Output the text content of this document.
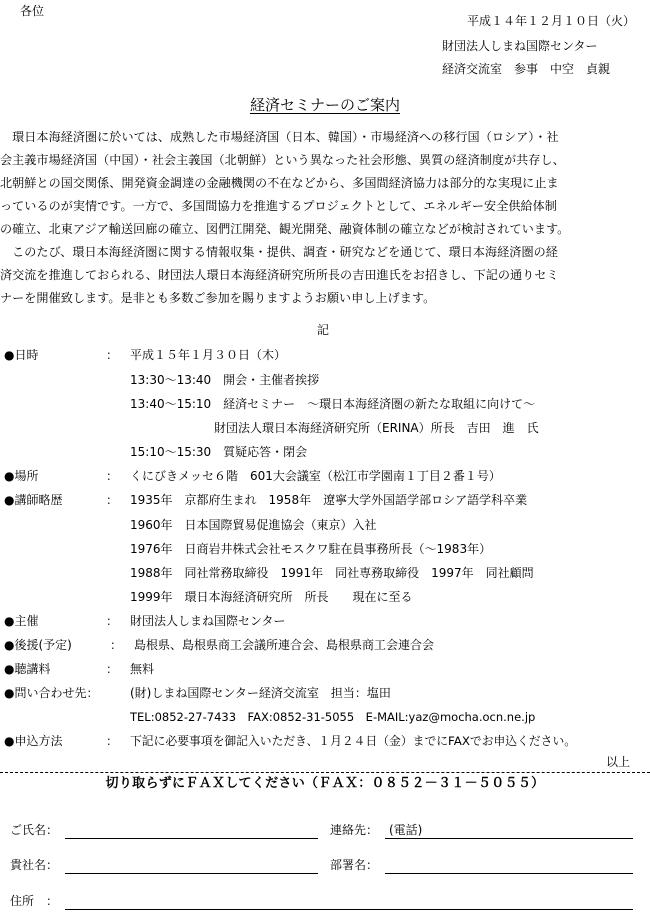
各位
平成１４年１２月１０日（火）
財団法人しまね国際センター
経済交流室　参事　中空　貞親
経済セミナーのご案内
　環日本海経済圏に於いては、成熟した市場経済国（日本、韓国）・市場経済への移行国（ロシア）・社
会主義市場経済国（中国）・社会主義国（北朝鮮）という異なった社会形態、異質の経済制度が共存し、
北朝鮮との国交関係、開発資金調達の金融機関の不在などから、多国間経済協力は部分的な実現に止ま
っているのが実情です。一方で、多国間協力を推進するプロジェクトとして、エネルギー安全供給体制
の確立、北東アジア輸送回廊の確立、図們江開発、観光開発、融資体制の確立などが検討されています。
　このたび、環日本海経済圏に関する情報収集・提供、調査・研究などを通じて、環日本海経済圏の経
済交流を推進しておられる、財団法人環日本海経済研究所所長の吉田進氏をお招きし、下記の通りセミ
ナーを開催致します。是非とも多数ご参加を賜りますようお願い申し上げます。
記
●日時	： 平成１５年１月３０日（木）
13:30～13:40　開会・主催者挨拶
13:40～15:10　経済セミナー　～環日本海経済圏の新たな取組に向けて～
　　　　　　　財団法人環日本海経済研究所（ERINA）所長　吉田　進　氏
15:10～15:30　質疑応答・閉会
●場所	： くにびきメッセ６階　601大会議室（松江市学園南１丁目２番１号）
●講師略歴	： 1935年　京都府生まれ　1958年　遼寧大学外国語学部ロシア語学科卒業
1960年　日本国際貿易促進協会（東京）入社
1976年　日商岩井株式会社モスクワ駐在員事務所長（～1983年）
1988年　同社常務取締役　1991年　同社専務取締役　1997年　同社顧問
1999年　環日本海経済研究所　所長　　現在に至る
●主催	： 財団法人しまね国際センター
●後援(予定)	： 島根県、島根県商工会議所連合会、島根県商工会連合会
●聴講料	： 無料
●問い合わせ先：	(財)しまね国際センター経済交流室　担当：塩田
TEL:0852-27-7433　FAX:0852-31-5055　E-MAIL:yaz@mocha.ocn.ne.jp
●申込方法	： 下記に必要事項を御記入いただき、１月２４日（金）までにFAXでお申込ください。
以上
切り取らずにＦＡＸしてください（ＦＡＸ：０８５２－３１－５０５５）
ご氏名：	連絡先： (電話)
貴社名：	部署名：
住所　：
